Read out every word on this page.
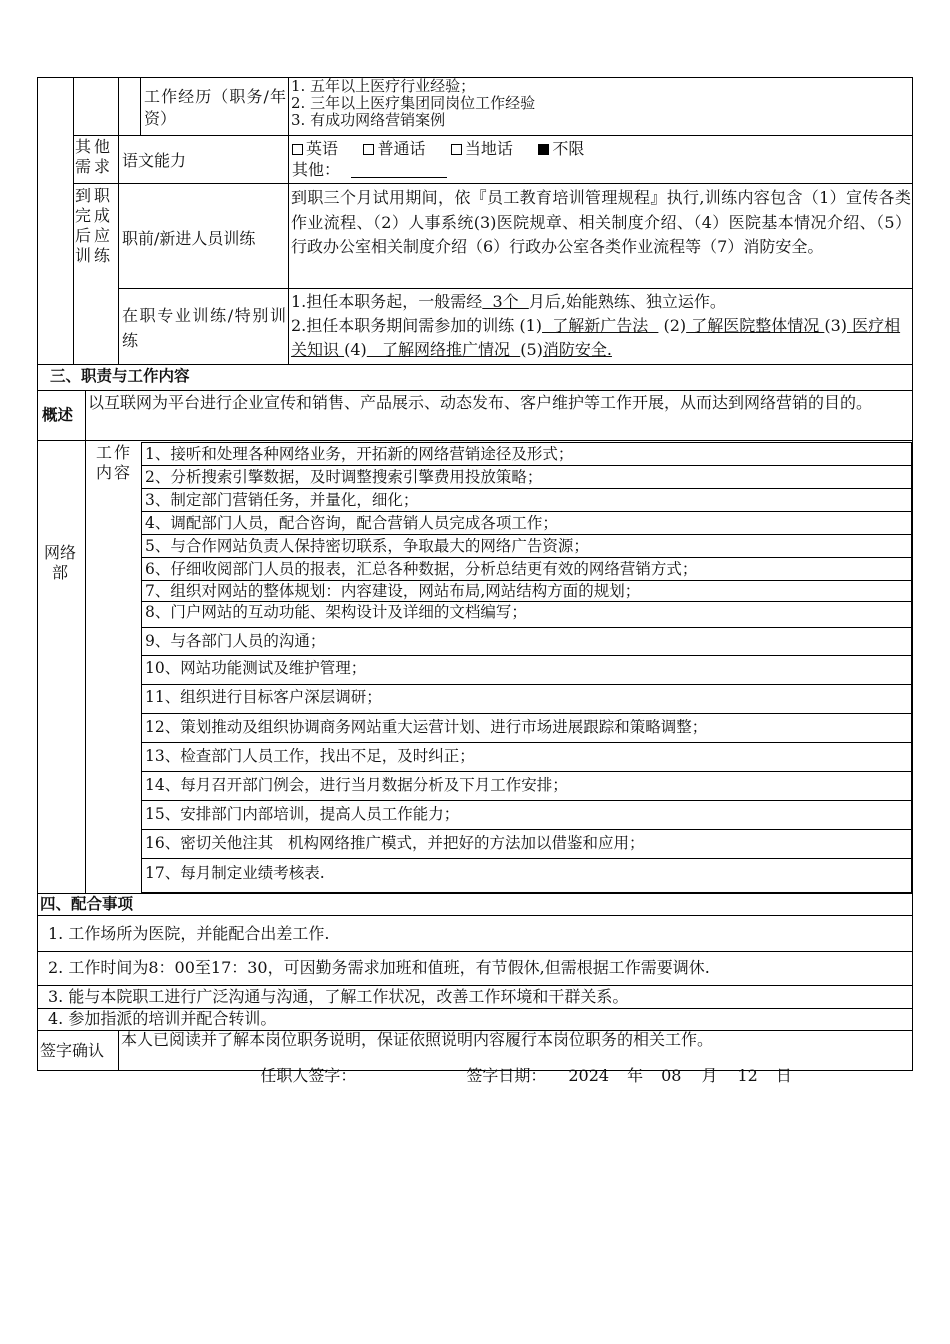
工作经历（职务/年资）
1. 五年以上医疗行业经验；
2. 三年以上医疗集团同岗位工作经验
3. 有成功网络营销案例
其他需求 语文能力
英语 普通话 当地话 不限
其他：
到职完成后应训练
职前/新进人员训练
到职三个月试用期间，依『员工教育培训管理规程』执行,训练内容包含（1）宣传各类作业流程、（2）人事系统(3)医院规章、相关制度介绍、（4）医院基本情况介绍、（5）行政办公室相关制度介绍（6）行政办公室各类作业流程等（7）消防安全。
在职专业训练/特别训练
1.担任本职务起，一般需经  3个  月后,始能熟练、独立运作。
2.担任本职务期间需参加的训练 (1)  了解新广告法   (2) 了解医院整体情况 (3) 医疗相关知识 (4)   了解网络推广情况  (5)消防安全.
三、职责与工作内容
概述
以互联网为平台进行企业宣传和销售、产品展示、动态发布、客户维护等工作开展，从而达到网络营销的目的。
网络部
工作内容
1、接听和处理各种网络业务，开拓新的网络营销途径及形式；
2、分析搜索引擎数据，及时调整搜索引擎费用投放策略；
3、制定部门营销任务，并量化，细化；
4、调配部门人员，配合咨询，配合营销人员完成各项工作；
5、与合作网站负责人保持密切联系，争取最大的网络广告资源；
6、仔细收阅部门人员的报表，汇总各种数据，分析总结更有效的网络营销方式；
7、组织对网站的整体规划：内容建设，网站布局,网站结构方面的规划；
8、门户网站的互动功能、架构设计及详细的文档编写；
9、与各部门人员的沟通；
10、网站功能测试及维护管理；
11、组织进行目标客户深层调研；
12、策划推动及组织协调商务网站重大运营计划、进行市场进展跟踪和策略调整；
13、检查部门人员工作，找出不足，及时纠正；
14、每月召开部门例会，进行当月数据分析及下月工作安排；
15、安排部门内部培训，提高人员工作能力；
16、密切关他注其   机构网络推广模式，并把好的方法加以借鉴和应用；
17、每月制定业绩考核表.
四、配合事项
1. 工作场所为医院，并能配合出差工作.
2. 工作时间为8：00至17：30，可因勤务需求加班和值班，有节假休,但需根据工作需要调休.
3. 能与本院职工进行广泛沟通与沟通，了解工作状况，改善工作环境和干群关系。
4. 参加指派的培训并配合转训。
签字确认
本人已阅读并了解本岗位职务说明，保证依照说明内容履行本岗位职务的相关工作。

任职人签字：	签字日期： 2024 年 08 月 12 日
